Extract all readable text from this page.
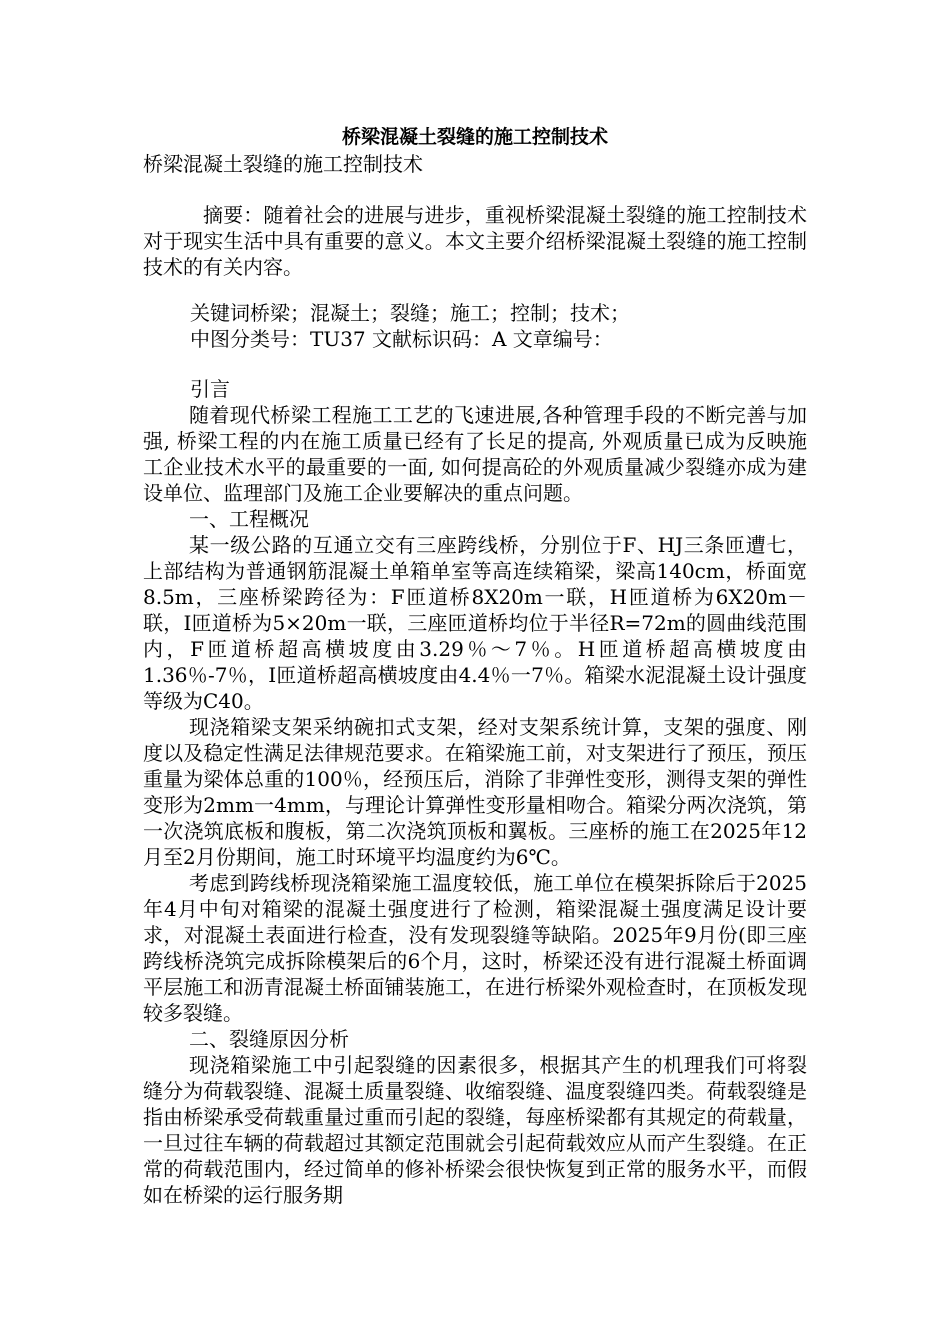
桥梁混凝土裂缝的施工控制技术
桥梁混凝土裂缝的施工控制技术
摘要：随着社会的进展与进步，重视桥梁混凝土裂缝的施工控制技术对于现实生活中具有重要的意义。本文主要介绍桥梁混凝土裂缝的施工控制技术的有关内容。
关键词桥梁；混凝土；裂缝；施工；控制；技术；
中图分类号：TU37 文献标识码：A 文章编号：
引言

随着现代桥梁工程施工工艺的飞速进展,各种管理手段的不断完善与加强, 桥梁工程的内在施工质量已经有了长足的提高, 外观质量已成为反映施工企业技术水平的最重要的一面, 如何提高砼的外观质量减少裂缝亦成为建设单位、监理部门及施工企业要解决的重点问题。

一、工程概况

某一级公路的互通立交有三座跨线桥，分别位于F、HJ三条匝遭七，上部结构为普通钢筋混凝土单箱单室等高连续箱梁，梁高140cm，桥面宽8.5m，三座桥梁跨径为：F匝道桥8X20m一联，H匝道桥为6X20m－联，I匝道桥为5×20m一联，三座匝道桥均位于半径R=72m的圆曲线范围内，F匝道桥超高横坡度由3.29％～7％。H匝道桥超高横坡度由1.36％-7％，I匝道桥超高横坡度由4.4％一7％。箱梁水泥混凝土设计强度等级为C40。

现浇箱梁支架采纳碗扣式支架，经对支架系统计算，支架的强度、刚度以及稳定性满足法律规范要求。在箱梁施工前，对支架进行了预压，预压重量为梁体总重的100％，经预压后，消除了非弹性变形，测得支架的弹性变形为2mm一4mm，与理论计算弹性变形量相吻合。箱梁分两次浇筑，第一次浇筑底板和腹板，第二次浇筑顶板和翼板。三座桥的施工在2025年12月至2月份期间，施工时环境平均温度约为6℃。

考虑到跨线桥现浇箱梁施工温度较低，施工单位在模架拆除后于2025年4月中旬对箱梁的混凝土强度进行了检测，箱梁混凝土强度满足设计要求，对混凝土表面进行检查，没有发现裂缝等缺陷。2025年9月份(即三座跨线桥浇筑完成拆除模架后的6个月，这时，桥梁还没有进行混凝土桥面调平层施工和沥青混凝土桥面铺装施工，在进行桥梁外观检查时，在顶板发现较多裂缝。

二、裂缝原因分析

现浇箱梁施工中引起裂缝的因素很多，根据其产生的机理我们可将裂缝分为荷载裂缝、混凝土质量裂缝、收缩裂缝、温度裂缝四类。荷载裂缝是指由桥梁承受荷载重量过重而引起的裂缝，每座桥梁都有其规定的荷载量，一旦过往车辆的荷载超过其额定范围就会引起荷载效应从而产生裂缝。在正常的荷载范围内，经过简单的修补桥梁会很快恢复到正常的服务水平，而假如在桥梁的运行服务期
